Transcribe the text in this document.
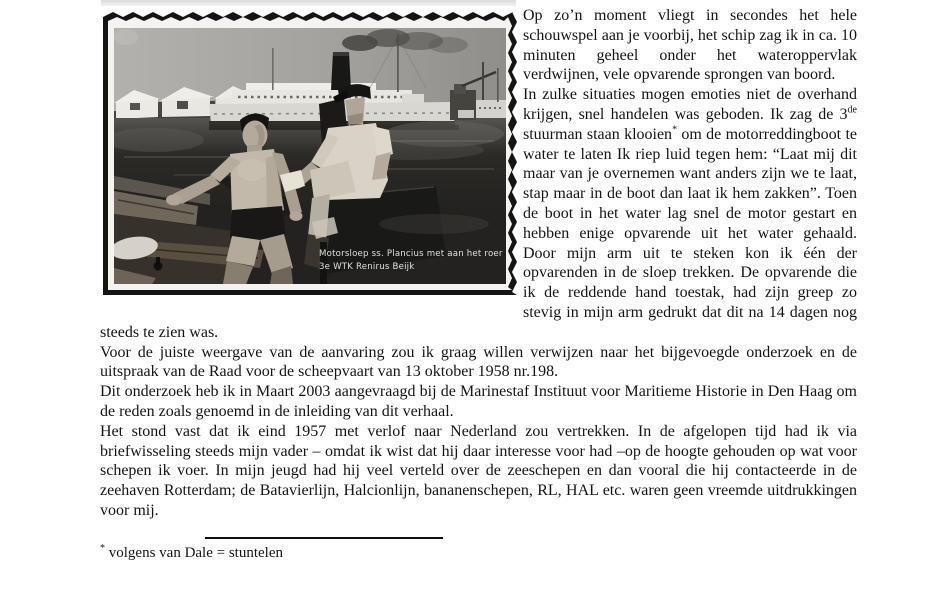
Motorsloep ss. Plancius met aan het roer
3e WTK Renirus Beijk

Op zo’n moment vliegt in secondes het hele schouwspel aan je voorbij, het schip zag ik in ca. 10 minuten geheel onder het wateroppervlak verdwijnen, vele opvarende sprongen van boord.

In zulke situaties mogen emoties niet de overhand krijgen, snel handelen was geboden. Ik zag de 3de stuurman staan klooien* om de motorreddingboot te water te laten Ik riep luid tegen hem: “Laat mij dit maar van je overnemen want anders zijn we te laat, stap maar in de boot dan laat ik hem zakken”. Toen de boot in het water lag snel de motor gestart en hebben enige opvarende uit het water gehaald. Door mijn arm uit te steken kon ik één der opvarenden in de sloep trekken. De opvarende die ik de reddende hand toestak, had zijn greep zo stevig in mijn arm gedrukt dat dit na 14 dagen nog steeds te zien was.

Voor de juiste weergave van de aanvaring zou ik graag willen verwijzen naar het bijgevoegde onderzoek en de uitspraak van de Raad voor de scheepvaart van 13 oktober 1958 nr.198.

Dit onderzoek heb ik in Maart 2003 aangevraagd bij de Marinestaf Instituut voor Maritieme Historie in Den Haag om de reden zoals genoemd in de inleiding van dit verhaal.

Het stond vast dat ik eind 1957 met verlof naar Nederland zou vertrekken. In de afgelopen tijd had ik via briefwisseling steeds mijn vader – omdat ik wist dat hij daar interesse voor had –op de hoogte gehouden op wat voor schepen ik voer. In mijn jeugd had hij veel verteld over de zeeschepen en dan vooral die hij contacteerde in de zeehaven Rotterdam; de Batavierlijn, Halcionlijn, bananenschepen, RL, HAL etc. waren geen vreemde uitdrukkingen voor mij.

* volgens van Dale = stuntelen
